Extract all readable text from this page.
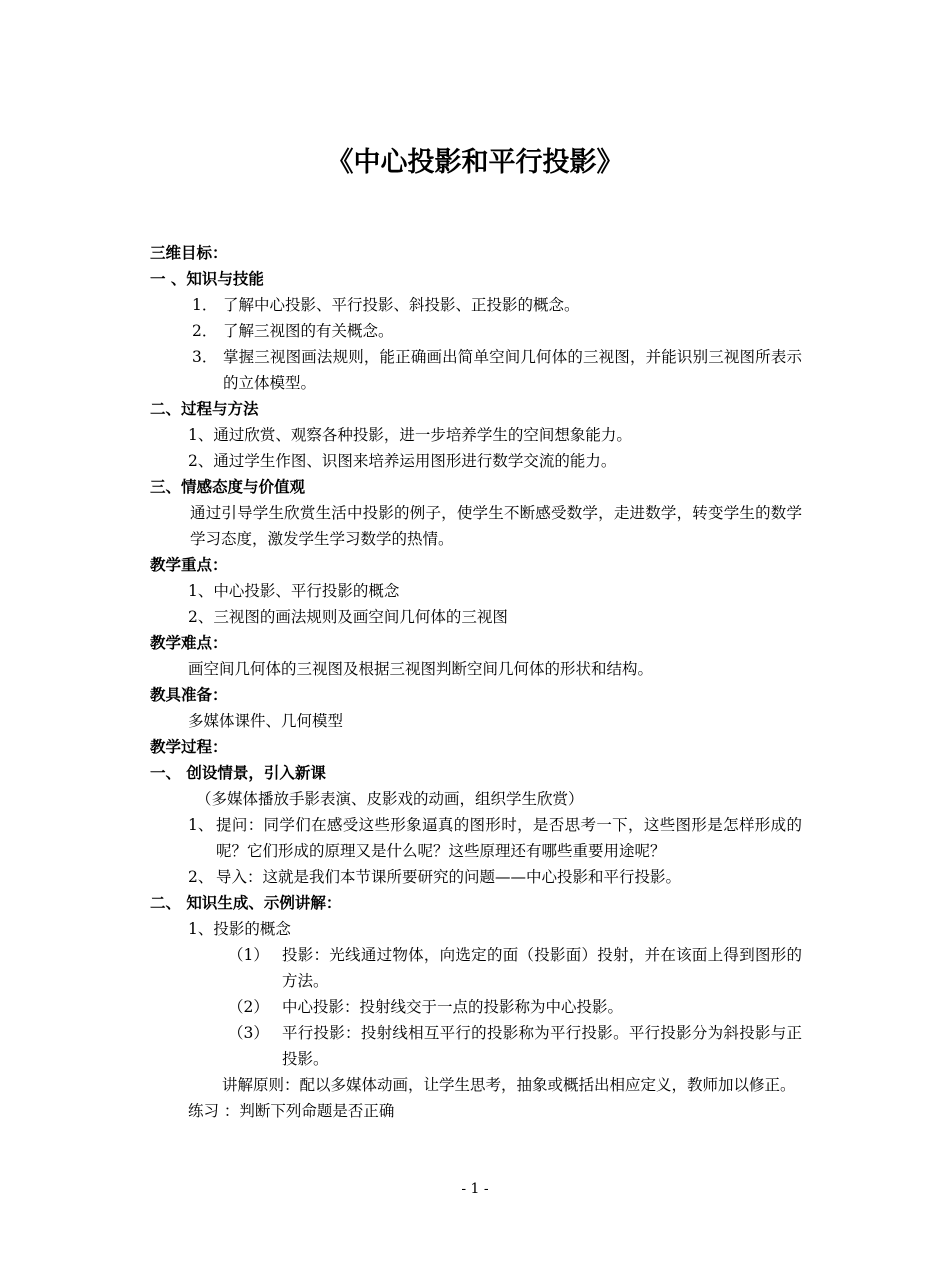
《中心投影和平行投影》
三维目标：
一 、知识与技能
1． 了解中心投影、平行投影、斜投影、正投影的概念。
2． 了解三视图的有关概念。
3． 掌握三视图画法规则，能正确画出简单空间几何体的三视图，并能识别三视图所表示的立体模型。
二、过程与方法
1、通过欣赏、观察各种投影，进一步培养学生的空间想象能力。
2、通过学生作图、识图来培养运用图形进行数学交流的能力。
三、情感态度与价值观
通过引导学生欣赏生活中投影的例子，使学生不断感受数学，走进数学，转变学生的数学学习态度，激发学生学习数学的热情。
教学重点：
1、中心投影、平行投影的概念
2、三视图的画法规则及画空间几何体的三视图
教学难点：
画空间几何体的三视图及根据三视图判断空间几何体的形状和结构。
教具准备：
多媒体课件、几何模型
教学过程：
一、 创设情景，引入新课
（多媒体播放手影表演、皮影戏的动画，组织学生欣赏）
1、 提问：同学们在感受这些形象逼真的图形时，是否思考一下，这些图形是怎样形成的呢？它们形成的原理又是什么呢？这些原理还有哪些重要用途呢？
2、 导入：这就是我们本节课所要研究的问题——中心投影和平行投影。
二、 知识生成、示例讲解：
1、投影的概念
（1） 投影：光线通过物体，向选定的面（投影面）投射，并在该面上得到图形的方法。
（2） 中心投影：投射线交于一点的投影称为中心投影。
（3） 平行投影：投射线相互平行的投影称为平行投影。平行投影分为斜投影与正投影。
讲解原则：配以多媒体动画，让学生思考，抽象或概括出相应定义，教师加以修正。
练习 ：判断下列命题是否正确
- 1 -
